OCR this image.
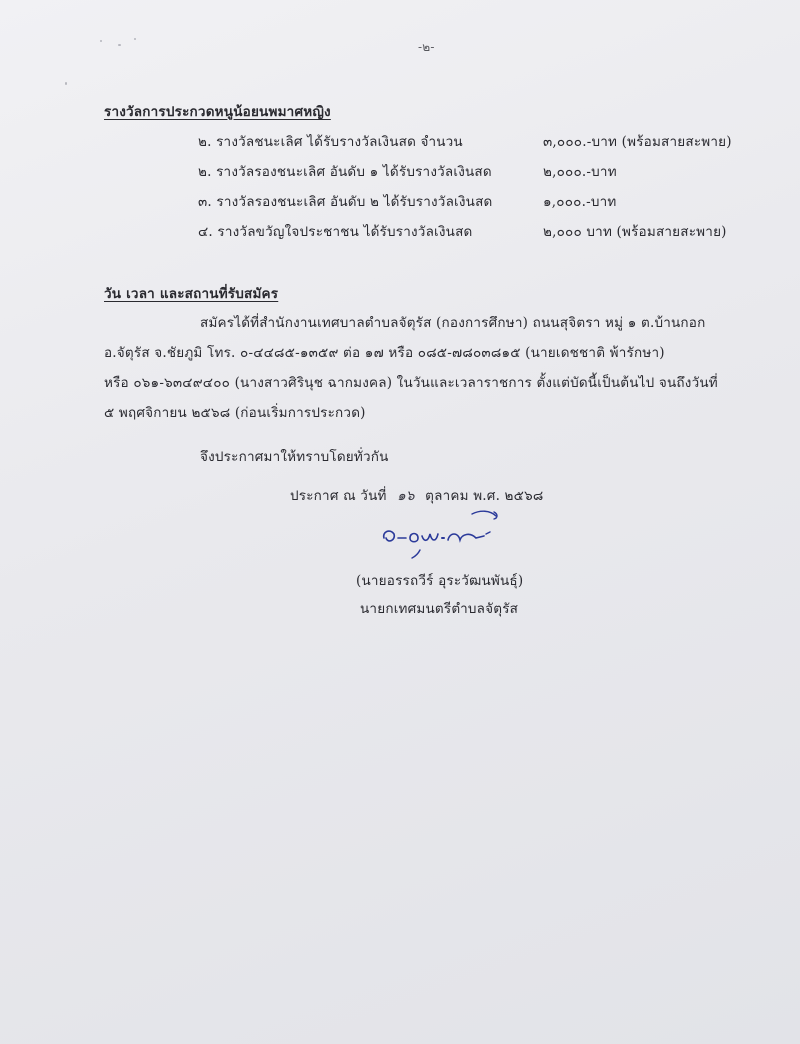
-๒-
รางวัลการประกวดหนูน้อยนพมาศหญิง
๒. รางวัลชนะเลิศ ได้รับรางวัลเงินสด จำนวน	๓,๐๐๐.-บาท (พร้อมสายสะพาย)
๒. รางวัลรองชนะเลิศ อันดับ ๑ ได้รับรางวัลเงินสด	๒,๐๐๐.-บาท
๓. รางวัลรองชนะเลิศ อันดับ ๒ ได้รับรางวัลเงินสด	๑,๐๐๐.-บาท
๔. รางวัลขวัญใจประชาชน ได้รับรางวัลเงินสด	๒,๐๐๐ บาท (พร้อมสายสะพาย)
วัน เวลา และสถานที่รับสมัคร
สมัครได้ที่สำนักงานเทศบาลตำบลจัตุรัส (กองการศึกษา) ถนนสุจิตรา หมู่ ๑ ต.บ้านกอก
อ.จัตุรัส จ.ชัยภูมิ โทร. ๐-๔๔๘๕-๑๓๕๙ ต่อ ๑๗ หรือ ๐๘๕-๗๘๐๓๘๑๕ (นายเดชชาติ พ้ารักษา)
หรือ ๐๖๑-๖๓๔๙๔๐๐ (นางสาวศิรินุช ฉากมงคล) ในวันและเวลาราชการ ตั้งแต่บัดนี้เป็นต้นไป จนถึงวันที่
๕ พฤศจิกายน ๒๕๖๘ (ก่อนเริ่มการประกวด)
จึงประกาศมาให้ทราบโดยทั่วกัน
ประกาศ ณ วันที่ ๑๖ ตุลาคม พ.ศ. ๒๕๖๘
(นายอรรถวีร์ อุระวัฒนพันธุ์)
นายกเทศมนตรีตำบลจัตุรัส
